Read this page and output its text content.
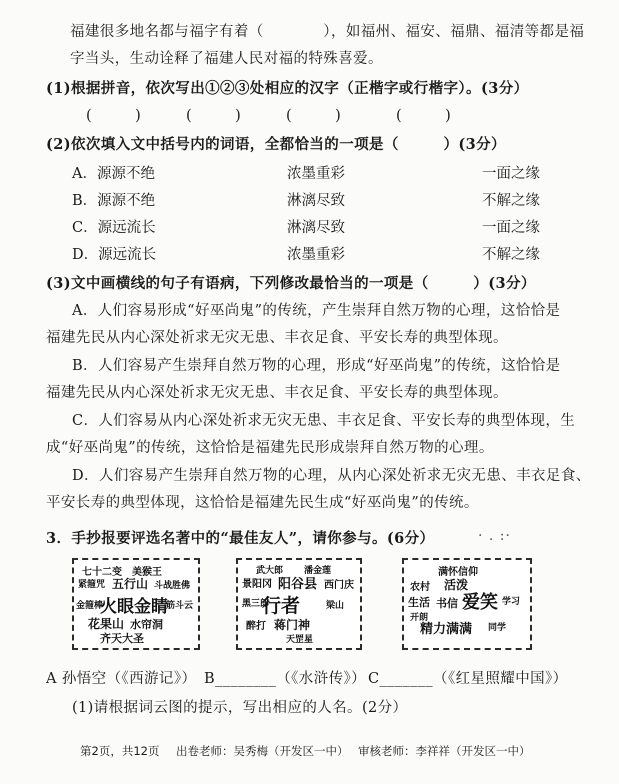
福建很多地名都与福字有着（　　　　），如福州、福安、福鼎、福清等都是福
字当头，生动诠释了福建人民对福的特殊喜爱。
(1)根据拼音，依次写出①②③处相应的汉字（正楷字或行楷字）。(3分）
(　　　)	(　　　)	(　　　)	(　　　)
(2)依次填入文中括号内的词语，全都恰当的一项是（　　　）(3分）
A．源源不绝	浓墨重彩	一面之缘
B．源源不绝	淋漓尽致	不解之缘
C．源远流长	淋漓尽致	一面之缘
D．源远流长	浓墨重彩	不解之缘
(3)文中画横线的句子有语病，下列修改最恰当的一项是（　　　）(3分）
A．人们容易形成“好巫尚鬼”的传统，产生崇拜自然万物的心理，这恰恰是
福建先民从内心深处祈求无灾无患、丰衣足食、平安长寿的典型体现。
B．人们容易产生崇拜自然万物的心理，形成“好巫尚鬼”的传统，这恰恰是
福建先民从内心深处祈求无灾无患、丰衣足食、平安长寿的典型体现。
C．人们容易从内心深处祈求无灾无患、丰衣足食、平安长寿的典型体现，生
成“好巫尚鬼”的传统，这恰恰是福建先民形成崇拜自然万物的心理。
D．人们容易产生崇拜自然万物的心理，从内心深处祈求无灾无患、丰衣足食、
平安长寿的典型体现，这恰恰是福建先民生成“好巫尚鬼”的传统。
3．手抄报要评选名著中的“最佳友人”，请你参与。(6分）	· . :·
七十二变 美猴王
紧箍咒 五行山 斗战胜佛
金箍棒
火眼金睛
筋斗云
花果山 水帘洞
齐天大圣
武大郎 潘金莲
景阳冈 阳谷县 西门庆
黑三郎
行者	梁山
醉打 蒋门神
天罡星
满怀信仰
农村 活泼
生活 书信 爱笑 学习
精力满满 同学
开朗
A 孙悟空（《西游记》） B________（《水浒传》） C_______（《红星照耀中国》）
(1)请根据词云图的提示，写出相应的人名。(2分）
第2页，共12页 出卷老师：吴秀梅（开发区一中） 审核老师：李祥祥（开发区一中）
